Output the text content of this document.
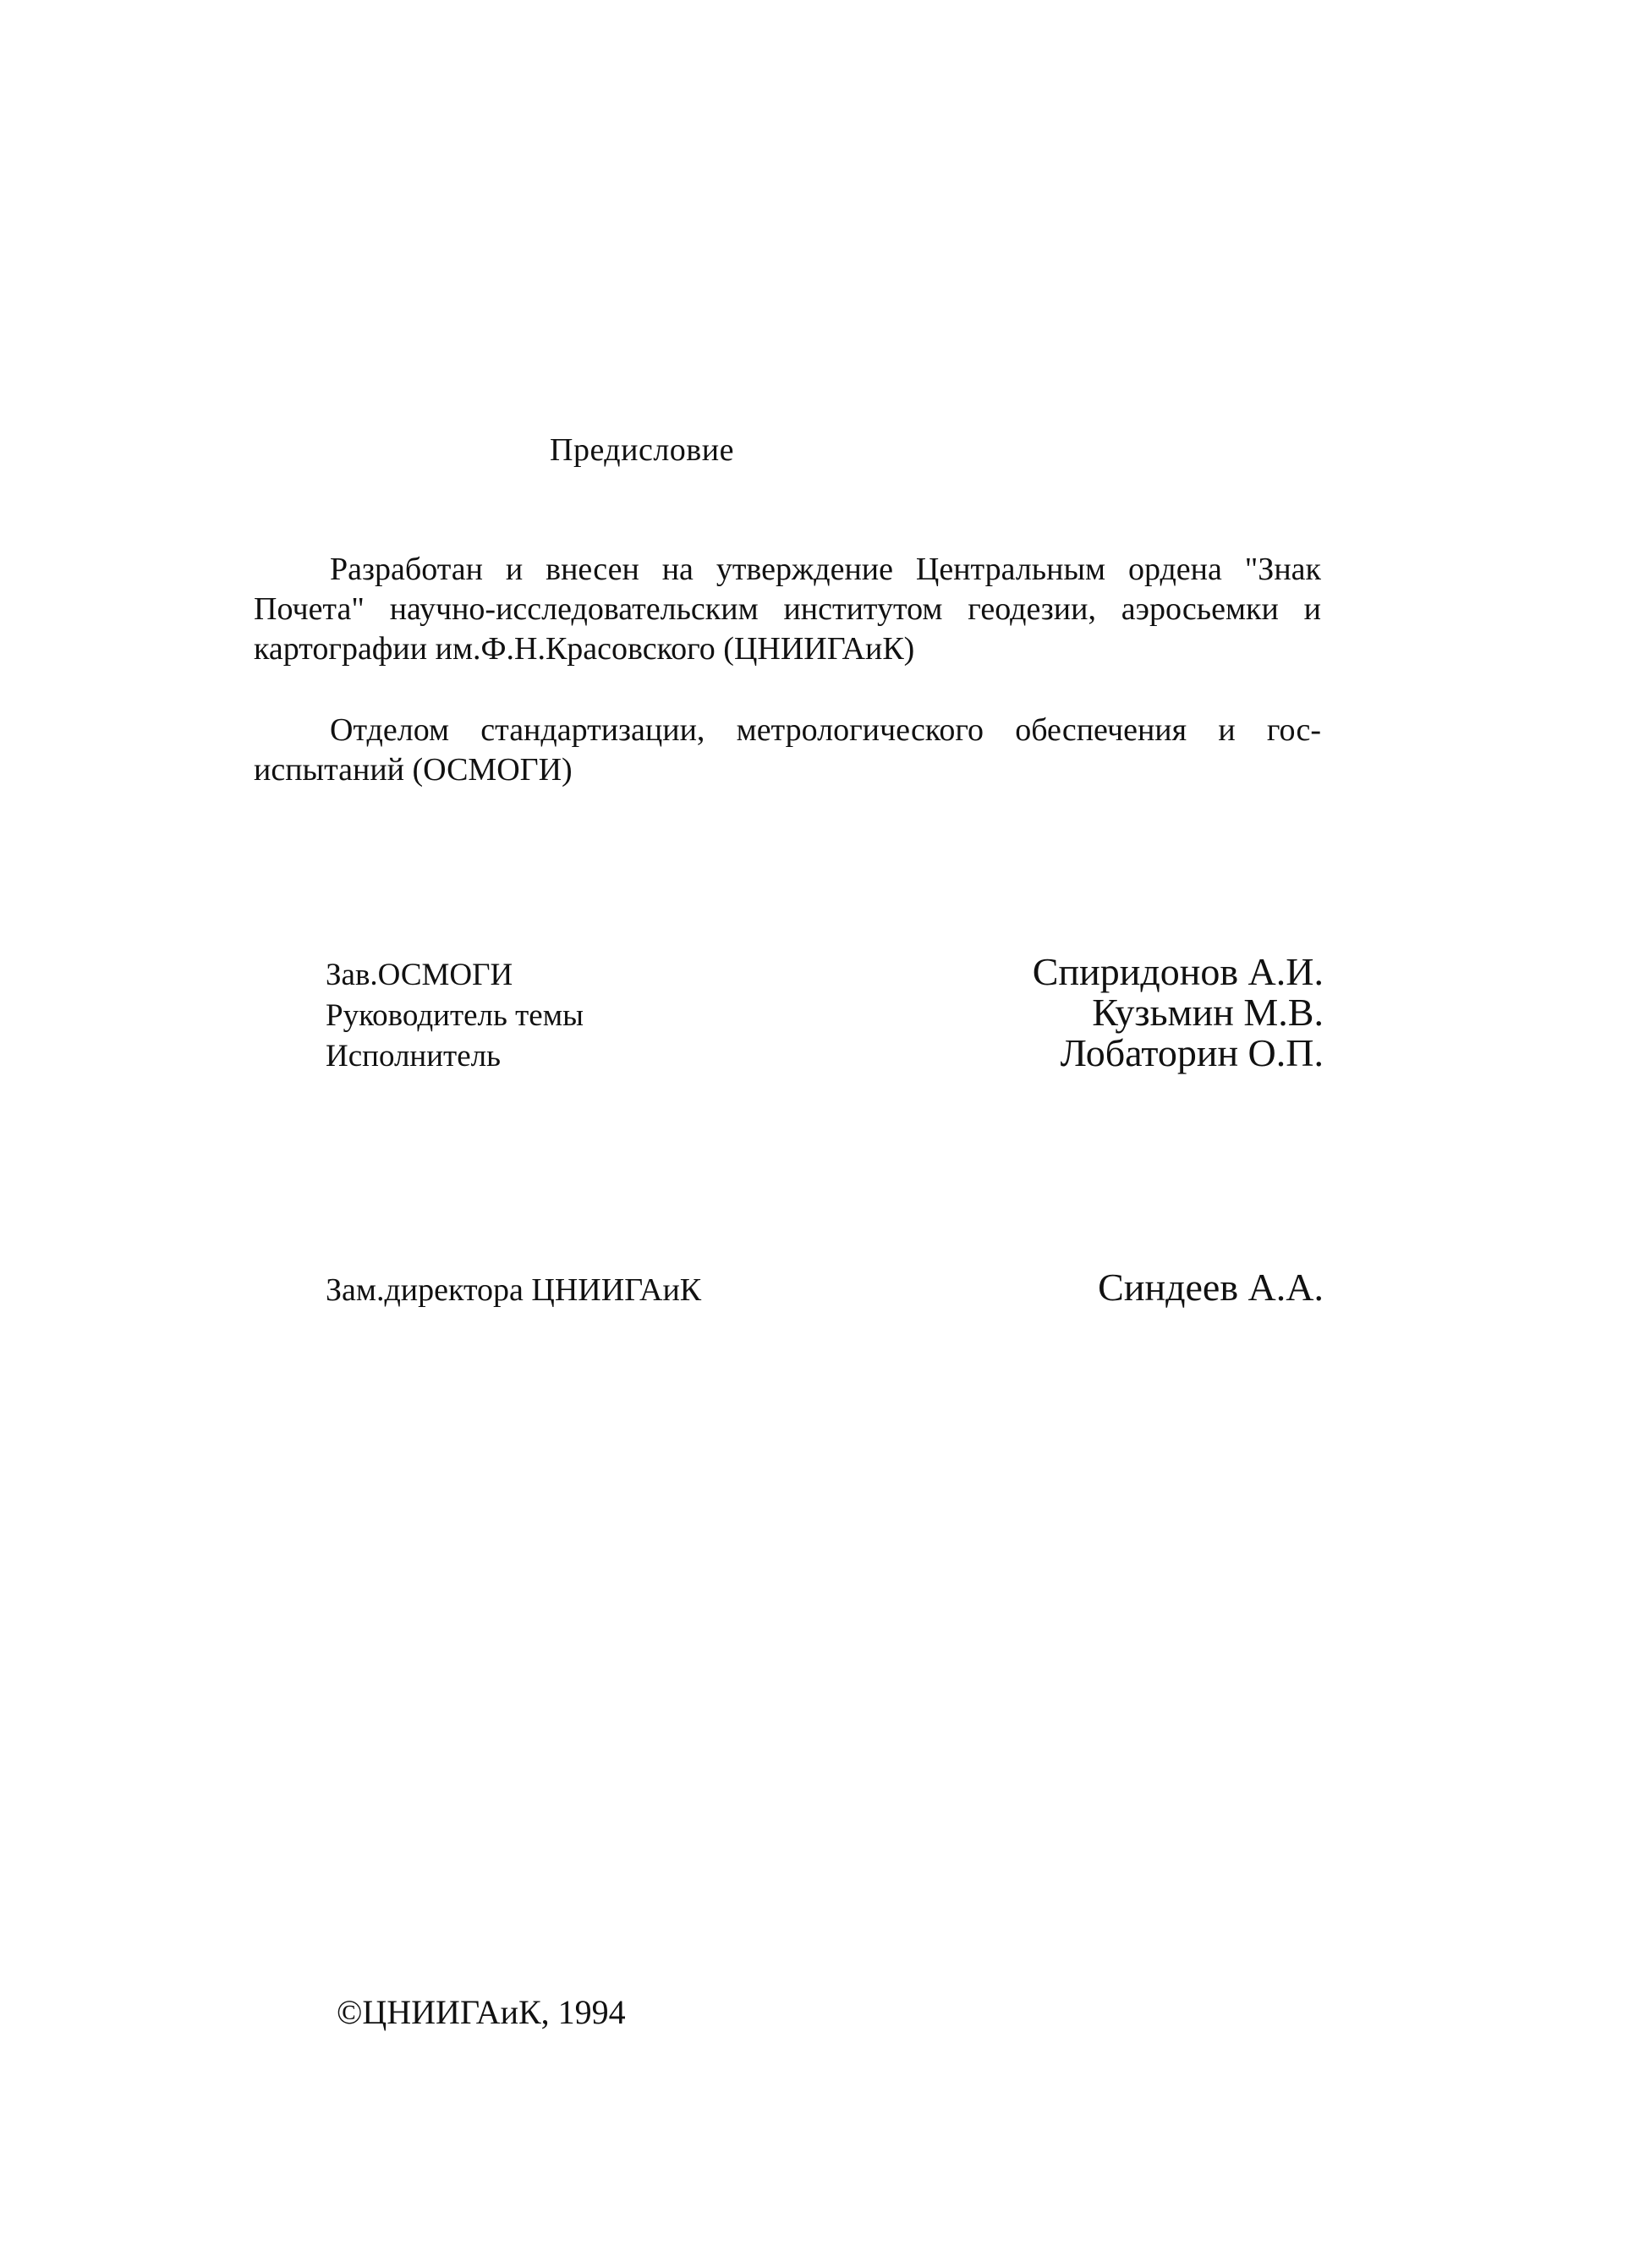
Предисловие
Разработан и внесен на утверждение Центральным ордена "Знак Почета" научно-исследовательским институтом геодезии, аэросьемки и картографии им.Ф.Н.Красовского (ЦНИИГАиК)
Отделом стандартизации, метрологического обеспечения и гос-испытаний (ОСМОГИ)
Зав.ОСМОГИ	Спиридонов А.И.
Руководитель темы	Кузьмин М.В.
Исполнитель	Лобаторин О.П.
Зам.директора ЦНИИГАиК	Синдеев А.А.
©ЦНИИГАиК, 1994
